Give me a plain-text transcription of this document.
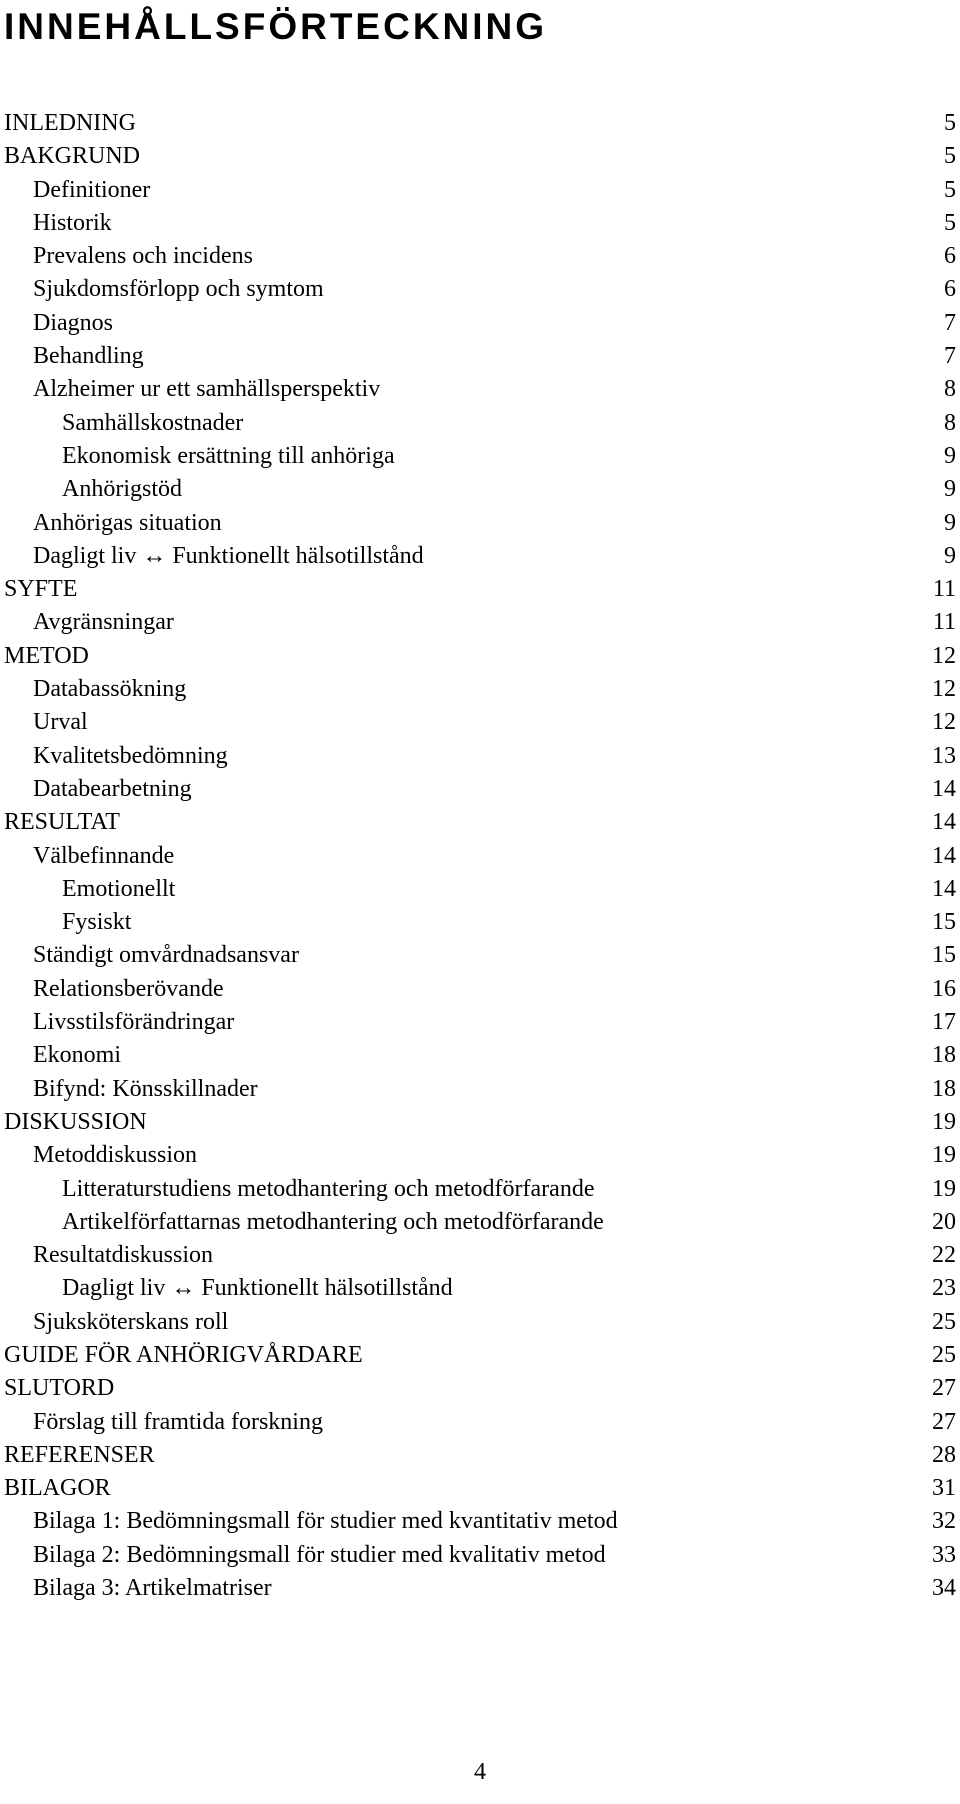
INNEHÅLLSFÖRTECKNING
INLEDNING	5
BAKGRUND	5
Definitioner	5
Historik	5
Prevalens och incidens	6
Sjukdomsförlopp och symtom	6
Diagnos	7
Behandling	7
Alzheimer ur ett samhällsperspektiv	8
Samhällskostnader	8
Ekonomisk ersättning till anhöriga	9
Anhörigstöd	9
Anhörigas situation	9
Dagligt liv ↔ Funktionellt hälsotillstånd	9
SYFTE	11
Avgränsningar	11
METOD	12
Databassökning	12
Urval	12
Kvalitetsbedömning	13
Databearbetning	14
RESULTAT	14
Välbefinnande	14
Emotionellt	14
Fysiskt	15
Ständigt omvårdnadsansvar	15
Relationsberövande	16
Livsstilsförändringar	17
Ekonomi	18
Bifynd: Könsskillnader	18
DISKUSSION	19
Metoddiskussion	19
Litteraturstudiens metodhantering och metodförfarande	19
Artikelförfattarnas metodhantering och metodförfarande	20
Resultatdiskussion	22
Dagligt liv ↔ Funktionellt hälsotillstånd	23
Sjuksköterskans roll	25
GUIDE FÖR ANHÖRIGVÅRDARE	25
SLUTORD	27
Förslag till framtida forskning	27
REFERENSER	28
BILAGOR	31
Bilaga 1: Bedömningsmall för studier med kvantitativ metod	32
Bilaga 2: Bedömningsmall för studier med kvalitativ metod	33
Bilaga 3: Artikelmatriser	34
4
